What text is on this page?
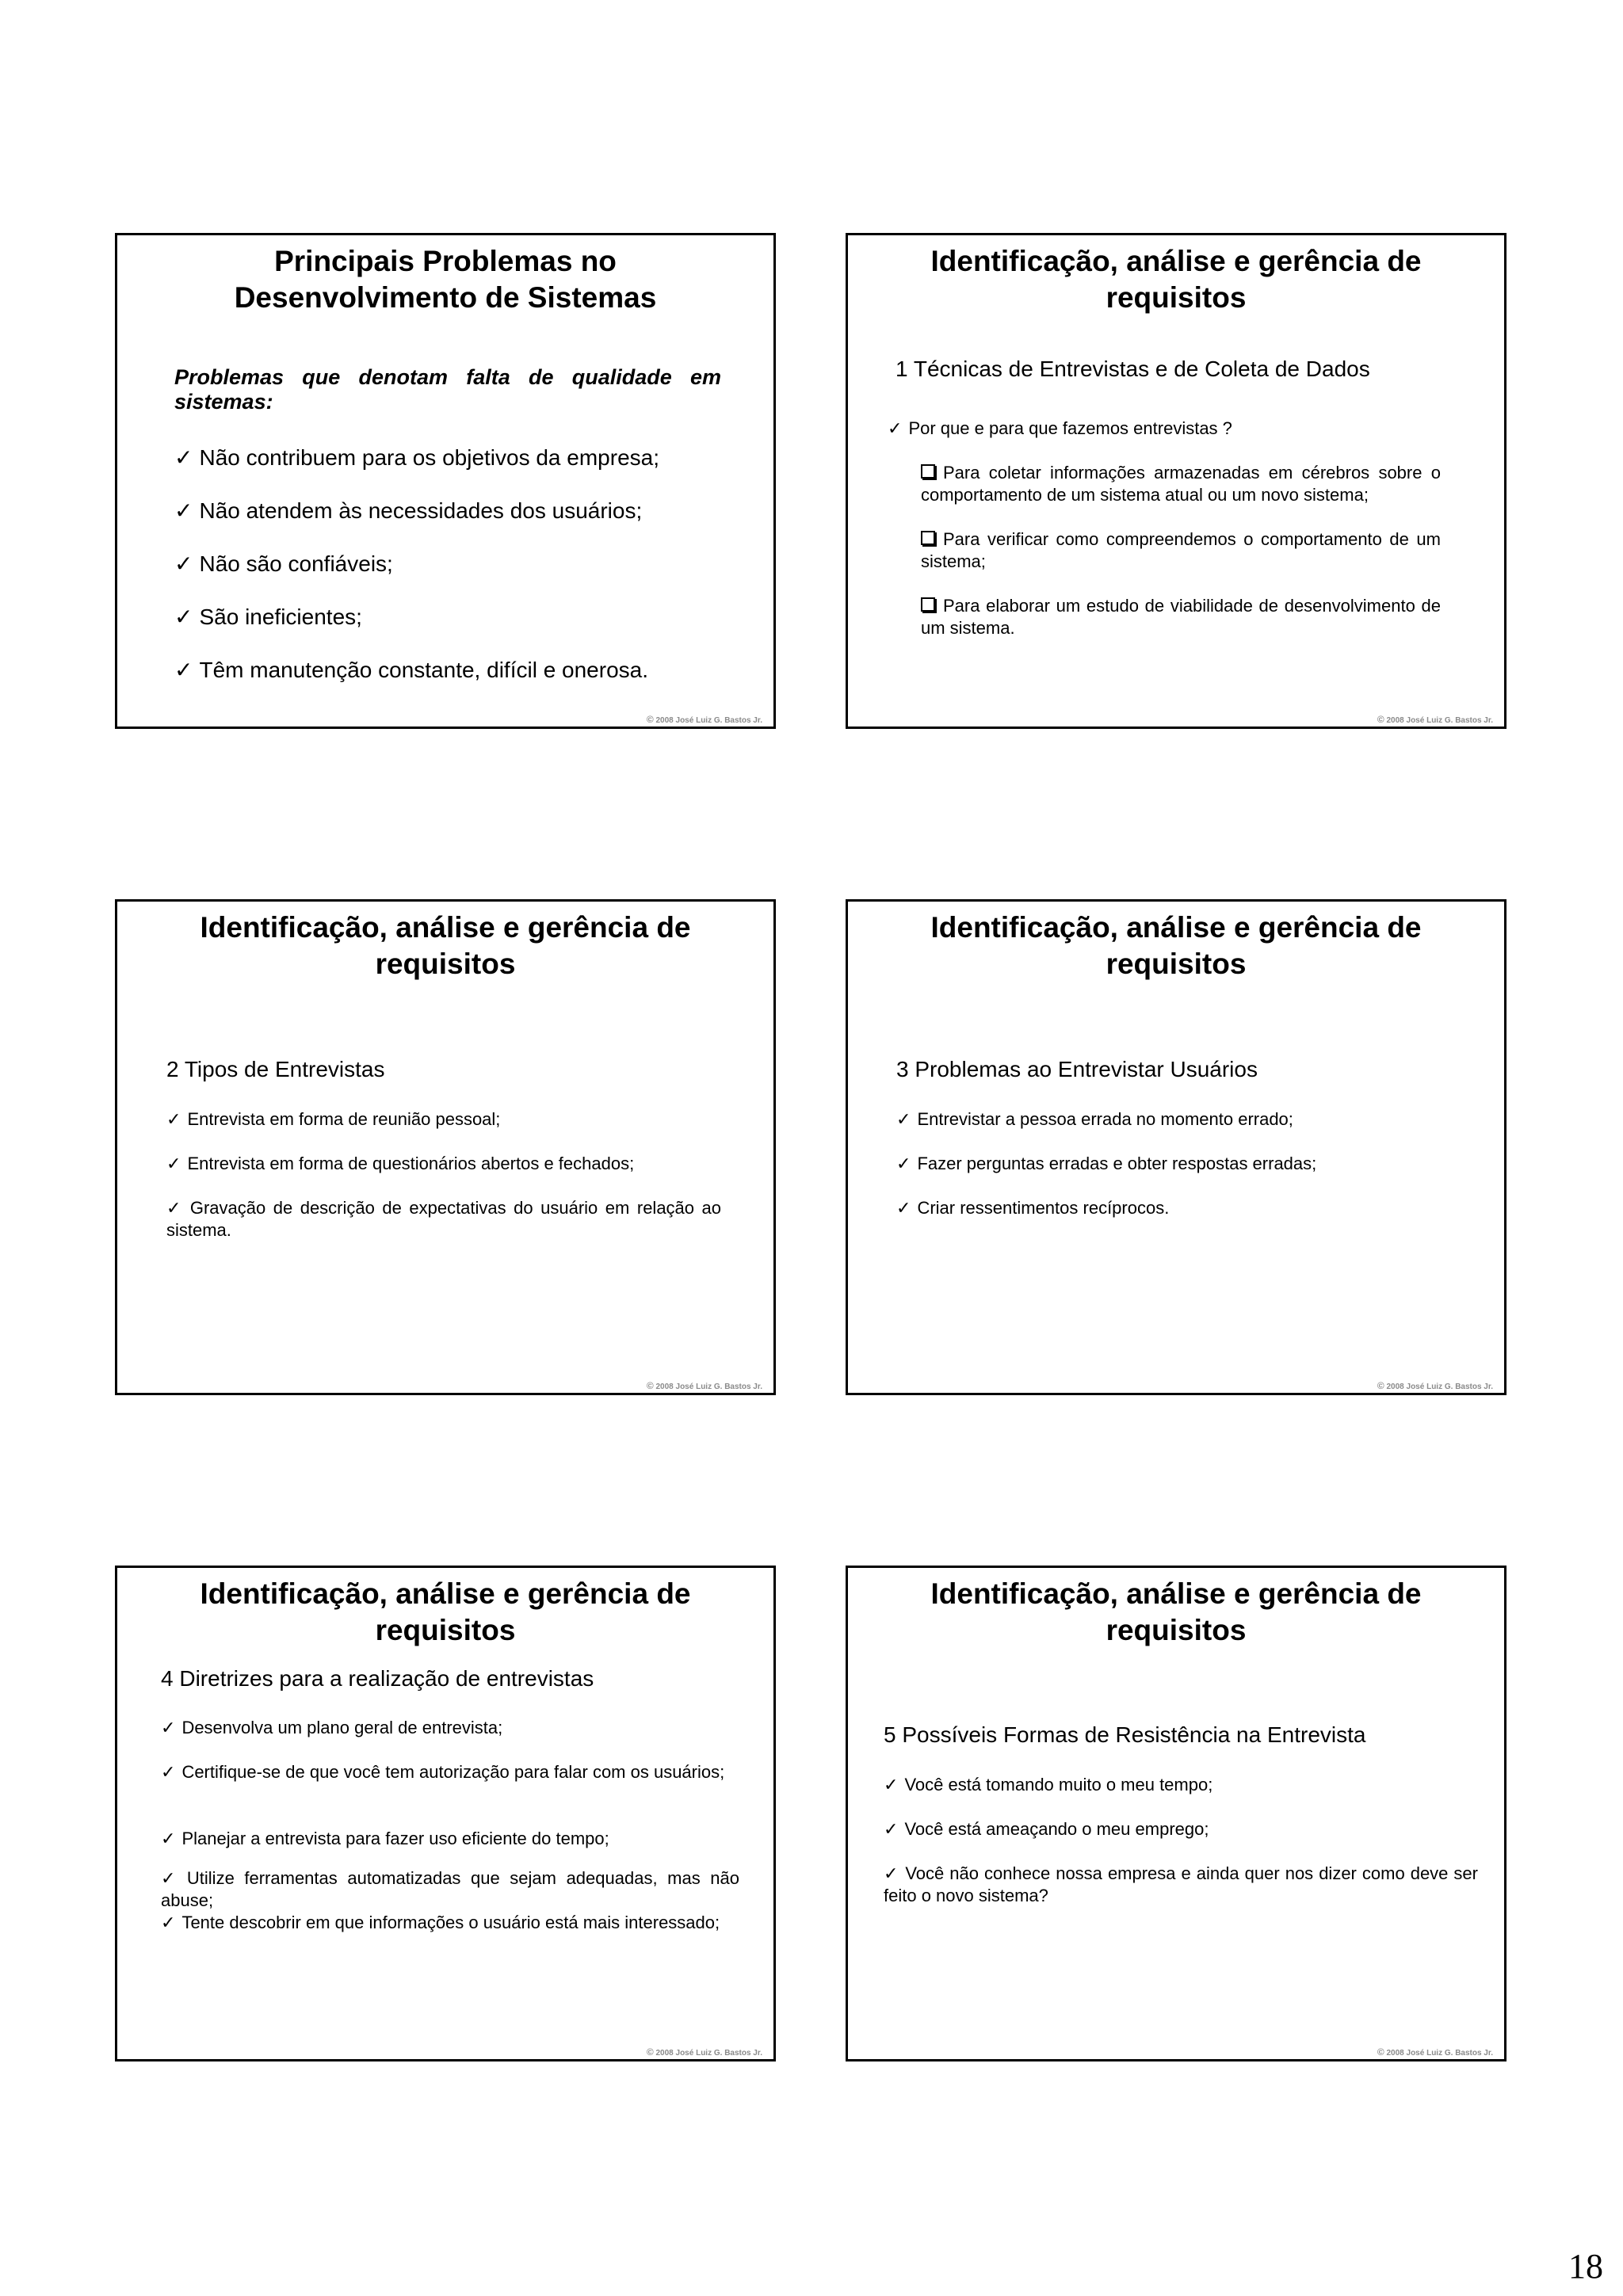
Principais Problemas no
Desenvolvimento de Sistemas
Problemas que denotam falta de qualidade em sistemas:
✓ Não contribuem para os objetivos da empresa;
✓ Não atendem às necessidades dos usuários;
✓ Não são confiáveis;
✓ São ineficientes;
✓ Têm manutenção constante, difícil e onerosa.
© 2008 José Luiz G. Bastos Jr.
Identificação, análise e gerência de
requisitos
1 Técnicas de Entrevistas e de Coleta de Dados
✓ Por que e para que fazemos entrevistas ?
Para coletar informações armazenadas em cérebros sobre o comportamento de um sistema atual ou um novo sistema;
Para verificar como compreendemos o comportamento de um sistema;
Para elaborar um estudo de viabilidade de desenvolvimento de um sistema.
© 2008 José Luiz G. Bastos Jr.
Identificação, análise e gerência de
requisitos
2 Tipos de Entrevistas
✓ Entrevista em forma de reunião pessoal;
✓ Entrevista em forma de questionários abertos e fechados;
✓ Gravação de descrição de expectativas do usuário em relação ao sistema.
© 2008 José Luiz G. Bastos Jr.
Identificação, análise e gerência de
requisitos
3 Problemas ao Entrevistar Usuários
✓ Entrevistar a pessoa errada no momento errado;
✓ Fazer perguntas erradas e obter respostas erradas;
✓ Criar ressentimentos recíprocos.
© 2008 José Luiz G. Bastos Jr.
Identificação, análise e gerência de
requisitos
4 Diretrizes para a realização de entrevistas
✓ Desenvolva um plano geral de entrevista;
✓ Certifique-se de que você tem autorização para falar com os usuários;
✓ Planejar a entrevista para fazer uso eficiente do tempo;
✓ Utilize ferramentas automatizadas que sejam adequadas, mas não abuse;
✓ Tente descobrir em que informações o usuário está mais interessado;
© 2008 José Luiz G. Bastos Jr.
Identificação, análise e gerência de
requisitos
5 Possíveis Formas de Resistência na Entrevista
✓ Você está tomando muito o meu tempo;
✓ Você está ameaçando o meu emprego;
✓ Você não conhece nossa empresa e ainda quer nos dizer como deve ser feito o novo sistema?
© 2008 José Luiz G. Bastos Jr.
18
